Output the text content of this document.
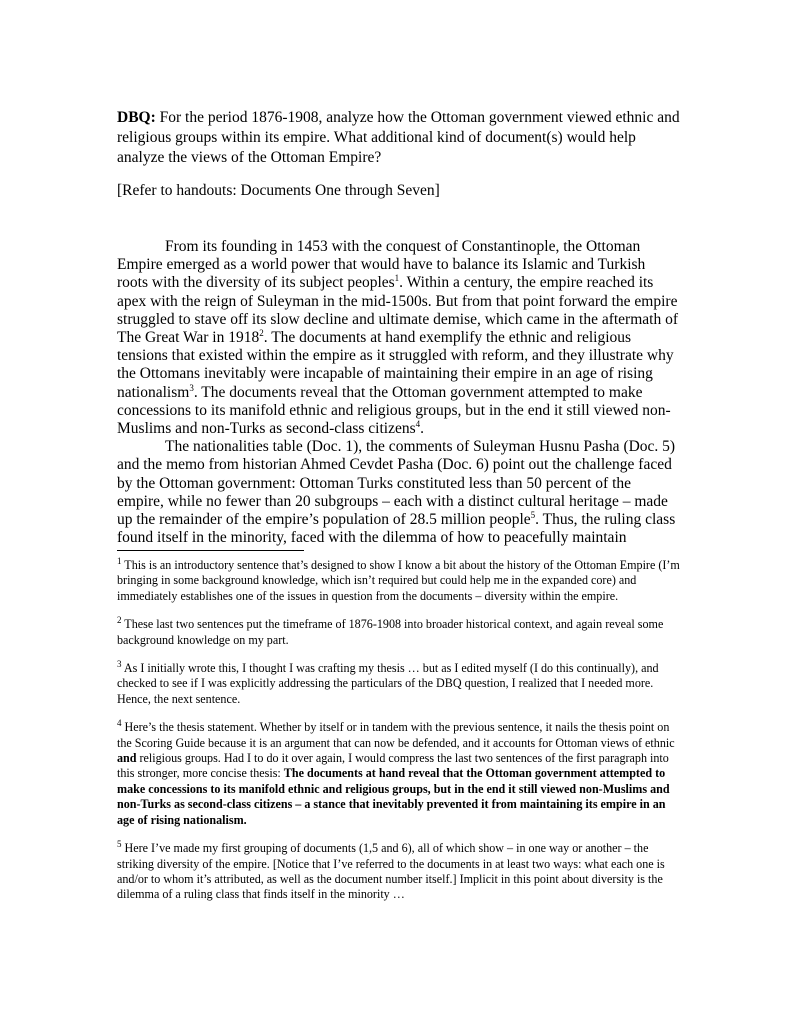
DBQ: For the period 1876-1908, analyze how the Ottoman government viewed ethnic and religious groups within its empire. What additional kind of document(s) would help analyze the views of the Ottoman Empire?

[Refer to handouts: Documents One through Seven]

From its founding in 1453 with the conquest of Constantinople, the Ottoman Empire emerged as a world power that would have to balance its Islamic and Turkish roots with the diversity of its subject peoples$^1$. Within a century, the empire reached its apex with the reign of Suleyman in the mid-1500s. But from that point forward the empire struggled to stave off its slow decline and ultimate demise, which came in the aftermath of The Great War in 1918$^2$. The documents at hand exemplify the ethnic and religious tensions that existed within the empire as it struggled with reform, and they illustrate why the Ottomans inevitably were incapable of maintaining their empire in an age of rising nationalism$^3$. The documents reveal that the Ottoman government attempted to make concessions to its manifold ethnic and religious groups, but in the end it still viewed non-Muslims and non-Turks as second-class citizens$^4$.

The nationalities table (Doc. 1), the comments of Suleyman Husnu Pasha (Doc. 5) and the memo from historian Ahmed Cevdet Pasha (Doc. 6) point out the challenge faced by the Ottoman government: Ottoman Turks constituted less than 50 percent of the empire, while no fewer than 20 subgroups – each with a distinct cultural heritage – made up the remainder of the empire’s population of 28.5 million people$^5$. Thus, the ruling class found itself in the minority, faced with the dilemma of how to peacefully maintain

$^1$ This is an introductory sentence that’s designed to show I know a bit about the history of the Ottoman Empire (I’m bringing in some background knowledge, which isn’t required but could help me in the expanded core) and immediately establishes one of the issues in question from the documents – diversity within the empire.

$^2$ These last two sentences put the timeframe of 1876-1908 into broader historical context, and again reveal some background knowledge on my part.

$^3$ As I initially wrote this, I thought I was crafting my thesis … but as I edited myself (I do this continually), and checked to see if I was explicitly addressing the particulars of the DBQ question, I realized that I needed more. Hence, the next sentence.

$^4$ Here’s the thesis statement. Whether by itself or in tandem with the previous sentence, it nails the thesis point on the Scoring Guide because it is an argument that can now be defended, and it accounts for Ottoman views of ethnic and religious groups. Had I to do it over again, I would compress the last two sentences of the first paragraph into this stronger, more concise thesis: The documents at hand reveal that the Ottoman government attempted to make concessions to its manifold ethnic and religious groups, but in the end it still viewed non-Muslims and non-Turks as second-class citizens – a stance that inevitably prevented it from maintaining its empire in an age of rising nationalism.

$^5$ Here I’ve made my first grouping of documents (1,5 and 6), all of which show – in one way or another – the striking diversity of the empire. [Notice that I’ve referred to the documents in at least two ways: what each one is and/or to whom it’s attributed, as well as the document number itself.] Implicit in this point about diversity is the dilemma of a ruling class that finds itself in the minority …
